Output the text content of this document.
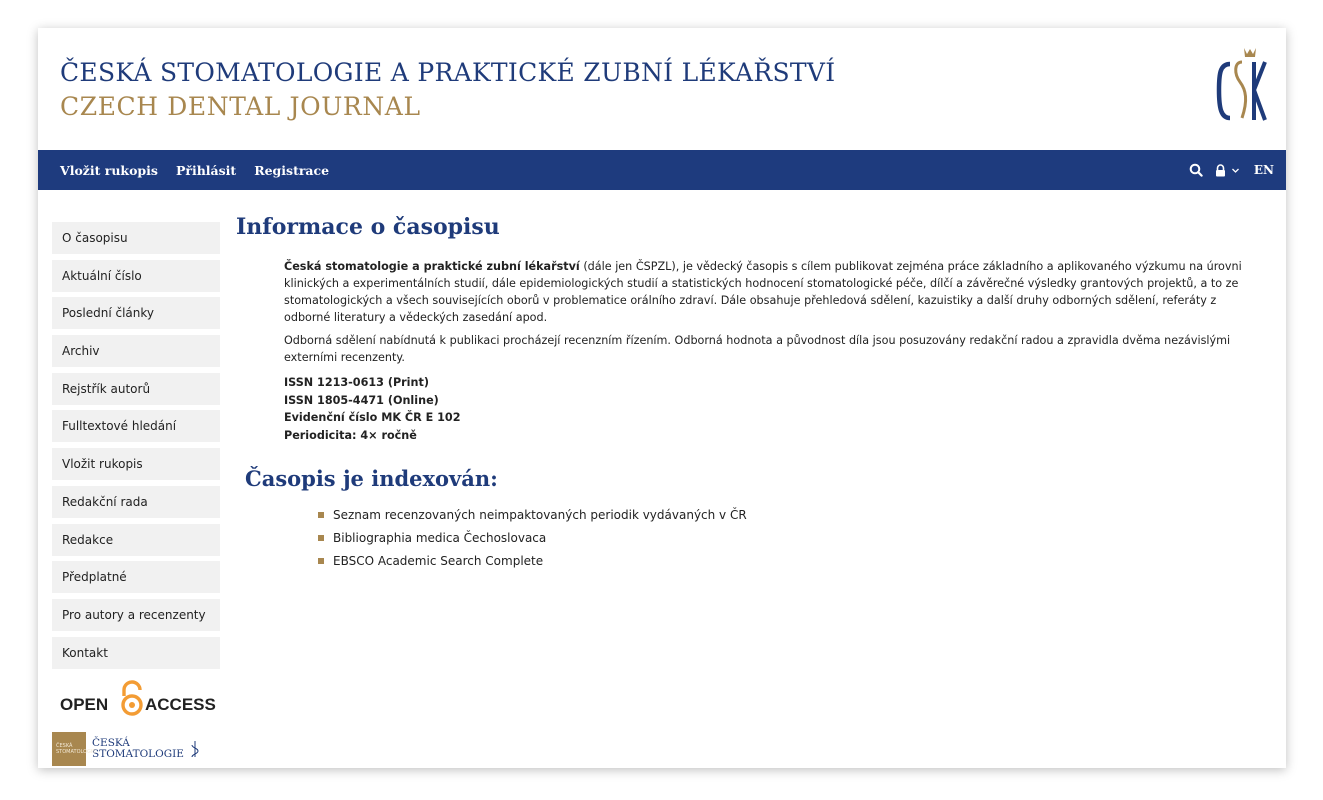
ČESKÁ STOMATOLOGIE A PRAKTICKÉ ZUBNÍ LÉKAŘSTVÍ
CZECH DENTAL JOURNAL
Vložit rukopis Přihlásit Registrace	EN
O časopisu
Aktuální číslo
Poslední články
Archiv
Rejstřík autorů
Fulltextové hledání
Vložit rukopis
Redakční rada
Redakce
Předplatné
Pro autory a recenzenty
Kontakt
OPEN ACCESS
ČESKÁ STOMATOLOGIE
ČESKÁ
STOMATOLOGIE
Informace o časopisu
Česká stomatologie a praktické zubní lékařství (dále jen ČSPZL), je vědecký časopis s cílem publikovat zejména práce základního a aplikovaného výzkumu na úrovni klinických a experimentálních studií, dále epidemiologických studií a statistických hodnocení stomatologické péče, dílčí a závěrečné výsledky grantových projektů, a to ze stomatologických a všech souvisejících oborů v problematice orálního zdraví. Dále obsahuje přehledová sdělení, kazuistiky a další druhy odborných sdělení, referáty z odborné literatury a vědeckých zasedání apod.
Odborná sdělení nabídnutá k publikaci procházejí recenzním řízením. Odborná hodnota a původnost díla jsou posuzovány redakční radou a zpravidla dvěma nezávislými externími recenzenty.
ISSN 1213-0613 (Print)
ISSN 1805-4471 (Online)
Evidenční číslo MK ČR E 102
Periodicita: 4× ročně
Časopis je indexován:
Seznam recenzovaných neimpaktovaných periodik vydávaných v ČR
Bibliographia medica Čechoslovaca
EBSCO Academic Search Complete
